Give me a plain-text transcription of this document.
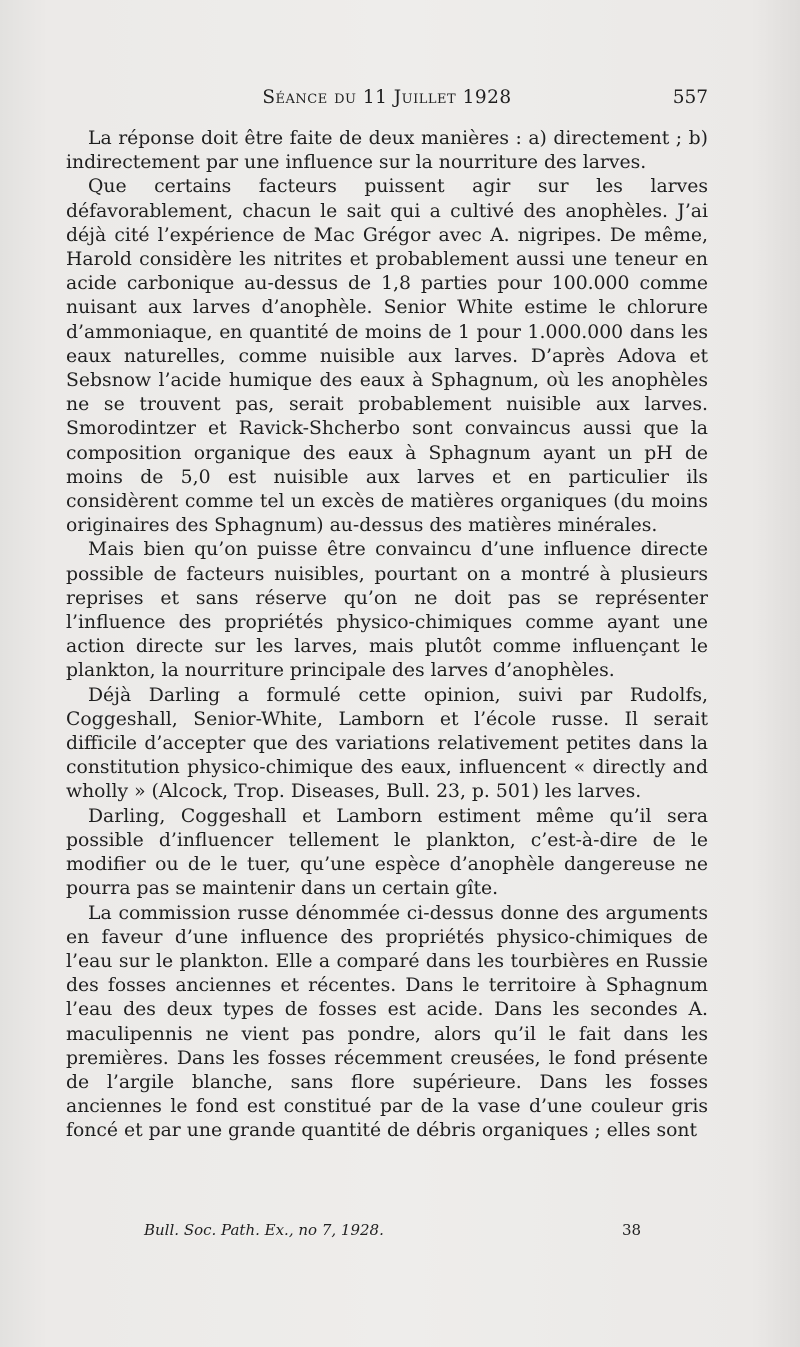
Séance du 11 Juillet 1928	557

La réponse doit être faite de deux manières : a) directement ; b) indirectement par une influence sur la nourriture des larves.

Que certains facteurs puissent agir sur les larves défavorablement, chacun le sait qui a cultivé des anophèles. J’ai déjà cité l’expérience de Mac Grégor avec A. nigripes. De même, Harold considère les nitrites et probablement aussi une teneur en acide carbonique au-dessus de 1,8 parties pour 100.000 comme nuisant aux larves d’anophèle. Senior White estime le chlorure d’ammoniaque, en quantité de moins de 1 pour 1.000.000 dans les eaux naturelles, comme nuisible aux larves. D’après Adova et Sebsnow l’acide humique des eaux à Sphagnum, où les anophèles ne se trouvent pas, serait probablement nuisible aux larves. Smorodintzer et Ravick-Shcherbo sont convaincus aussi que la composition organique des eaux à Sphagnum ayant un pH de moins de 5,0 est nuisible aux larves et en particulier ils considèrent comme tel un excès de matières organiques (du moins originaires des Sphagnum) au-dessus des matières minérales.

Mais bien qu’on puisse être convaincu d’une influence directe possible de facteurs nuisibles, pourtant on a montré à plusieurs reprises et sans réserve qu’on ne doit pas se représenter l’influence des propriétés physico-chimiques comme ayant une action directe sur les larves, mais plutôt comme influençant le plankton, la nourriture principale des larves d’anophèles.

Déjà Darling a formulé cette opinion, suivi par Rudolfs, Coggeshall, Senior-White, Lamborn et l’école russe. Il serait difficile d’accepter que des variations relativement petites dans la constitution physico-chimique des eaux, influencent « directly and wholly » (Alcock, Trop. Diseases, Bull. 23, p. 501) les larves.

Darling, Coggeshall et Lamborn estiment même qu’il sera possible d’influencer tellement le plankton, c’est-à-dire de le modifier ou de le tuer, qu’une espèce d’anophèle dangereuse ne pourra pas se maintenir dans un certain gîte.

La commission russe dénommée ci-dessus donne des arguments en faveur d’une influence des propriétés physico-chimiques de l’eau sur le plankton. Elle a comparé dans les tourbières en Russie des fosses anciennes et récentes. Dans le territoire à Sphagnum l’eau des deux types de fosses est acide. Dans les secondes A. maculipennis ne vient pas pondre, alors qu’il le fait dans les premières. Dans les fosses récemment creusées, le fond présente de l’argile blanche, sans flore supérieure. Dans les fosses anciennes le fond est constitué par de la vase d’une couleur gris foncé et par une grande quantité de débris organiques ; elles sont

Bull. Soc. Path. Ex., no 7, 1928.	38
